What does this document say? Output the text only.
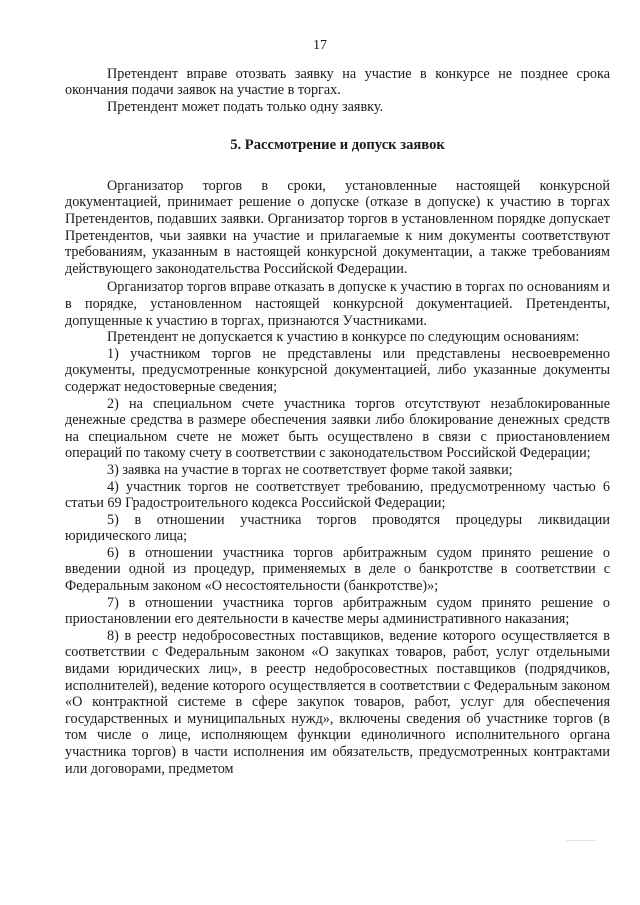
17

Претендент вправе отозвать заявку на участие в конкурсе не позднее срока окончания подачи заявок на участие в торгах.

Претендент может подать только одну заявку.

5. Рассмотрение и допуск заявок

Организатор торгов в сроки, установленные настоящей конкурсной документацией, принимает решение о допуске (отказе в допуске) к участию в торгах Претендентов, подавших заявки. Организатор торгов в установленном порядке допускает Претендентов, чьи заявки на участие и прилагаемые к ним документы соответствуют требованиям, указанным в настоящей конкурсной документации, а также требованиям действующего законодательства Российской Федерации.

Организатор торгов вправе отказать в допуске к участию в торгах по основаниям и в порядке, установленном настоящей конкурсной документацией. Претенденты, допущенные к участию в торгах, признаются Участниками.

Претендент не допускается к участию в конкурсе по следующим основаниям:

1) участником торгов не представлены или представлены несвоевременно документы, предусмотренные конкурсной документацией, либо указанные документы содержат недостоверные сведения;

2) на специальном счете участника торгов отсутствуют незаблокированные денежные средства в размере обеспечения заявки либо блокирование денежных средств на специальном счете не может быть осуществлено в связи с приостановлением операций по такому счету в соответствии с законодательством Российской Федерации;

3) заявка на участие в торгах не соответствует форме такой заявки;

4) участник торгов не соответствует требованию, предусмотренному частью 6 статьи 69 Градостроительного кодекса Российской Федерации;

5) в отношении участника торгов проводятся процедуры ликвидации юридического лица;

6) в отношении участника торгов арбитражным судом принято решение о введении одной из процедур, применяемых в деле о банкротстве в соответствии с Федеральным законом «О несостоятельности (банкротстве)»;

7) в отношении участника торгов арбитражным судом принято решение о приостановлении его деятельности в качестве меры административного наказания;

8) в реестр недобросовестных поставщиков, ведение которого осуществляется в соответствии с Федеральным законом «О закупках товаров, работ, услуг отдельными видами юридических лиц», в реестр недобросовестных поставщиков (подрядчиков, исполнителей), ведение которого осуществляется в соответствии с Федеральным законом «О контрактной системе в сфере закупок товаров, работ, услуг для обеспечения государственных и муниципальных нужд», включены сведения об участнике торгов (в том числе о лице, исполняющем функции единоличного исполнительного органа участника торгов) в части исполнения им обязательств, предусмотренных контрактами или договорами, предметом
